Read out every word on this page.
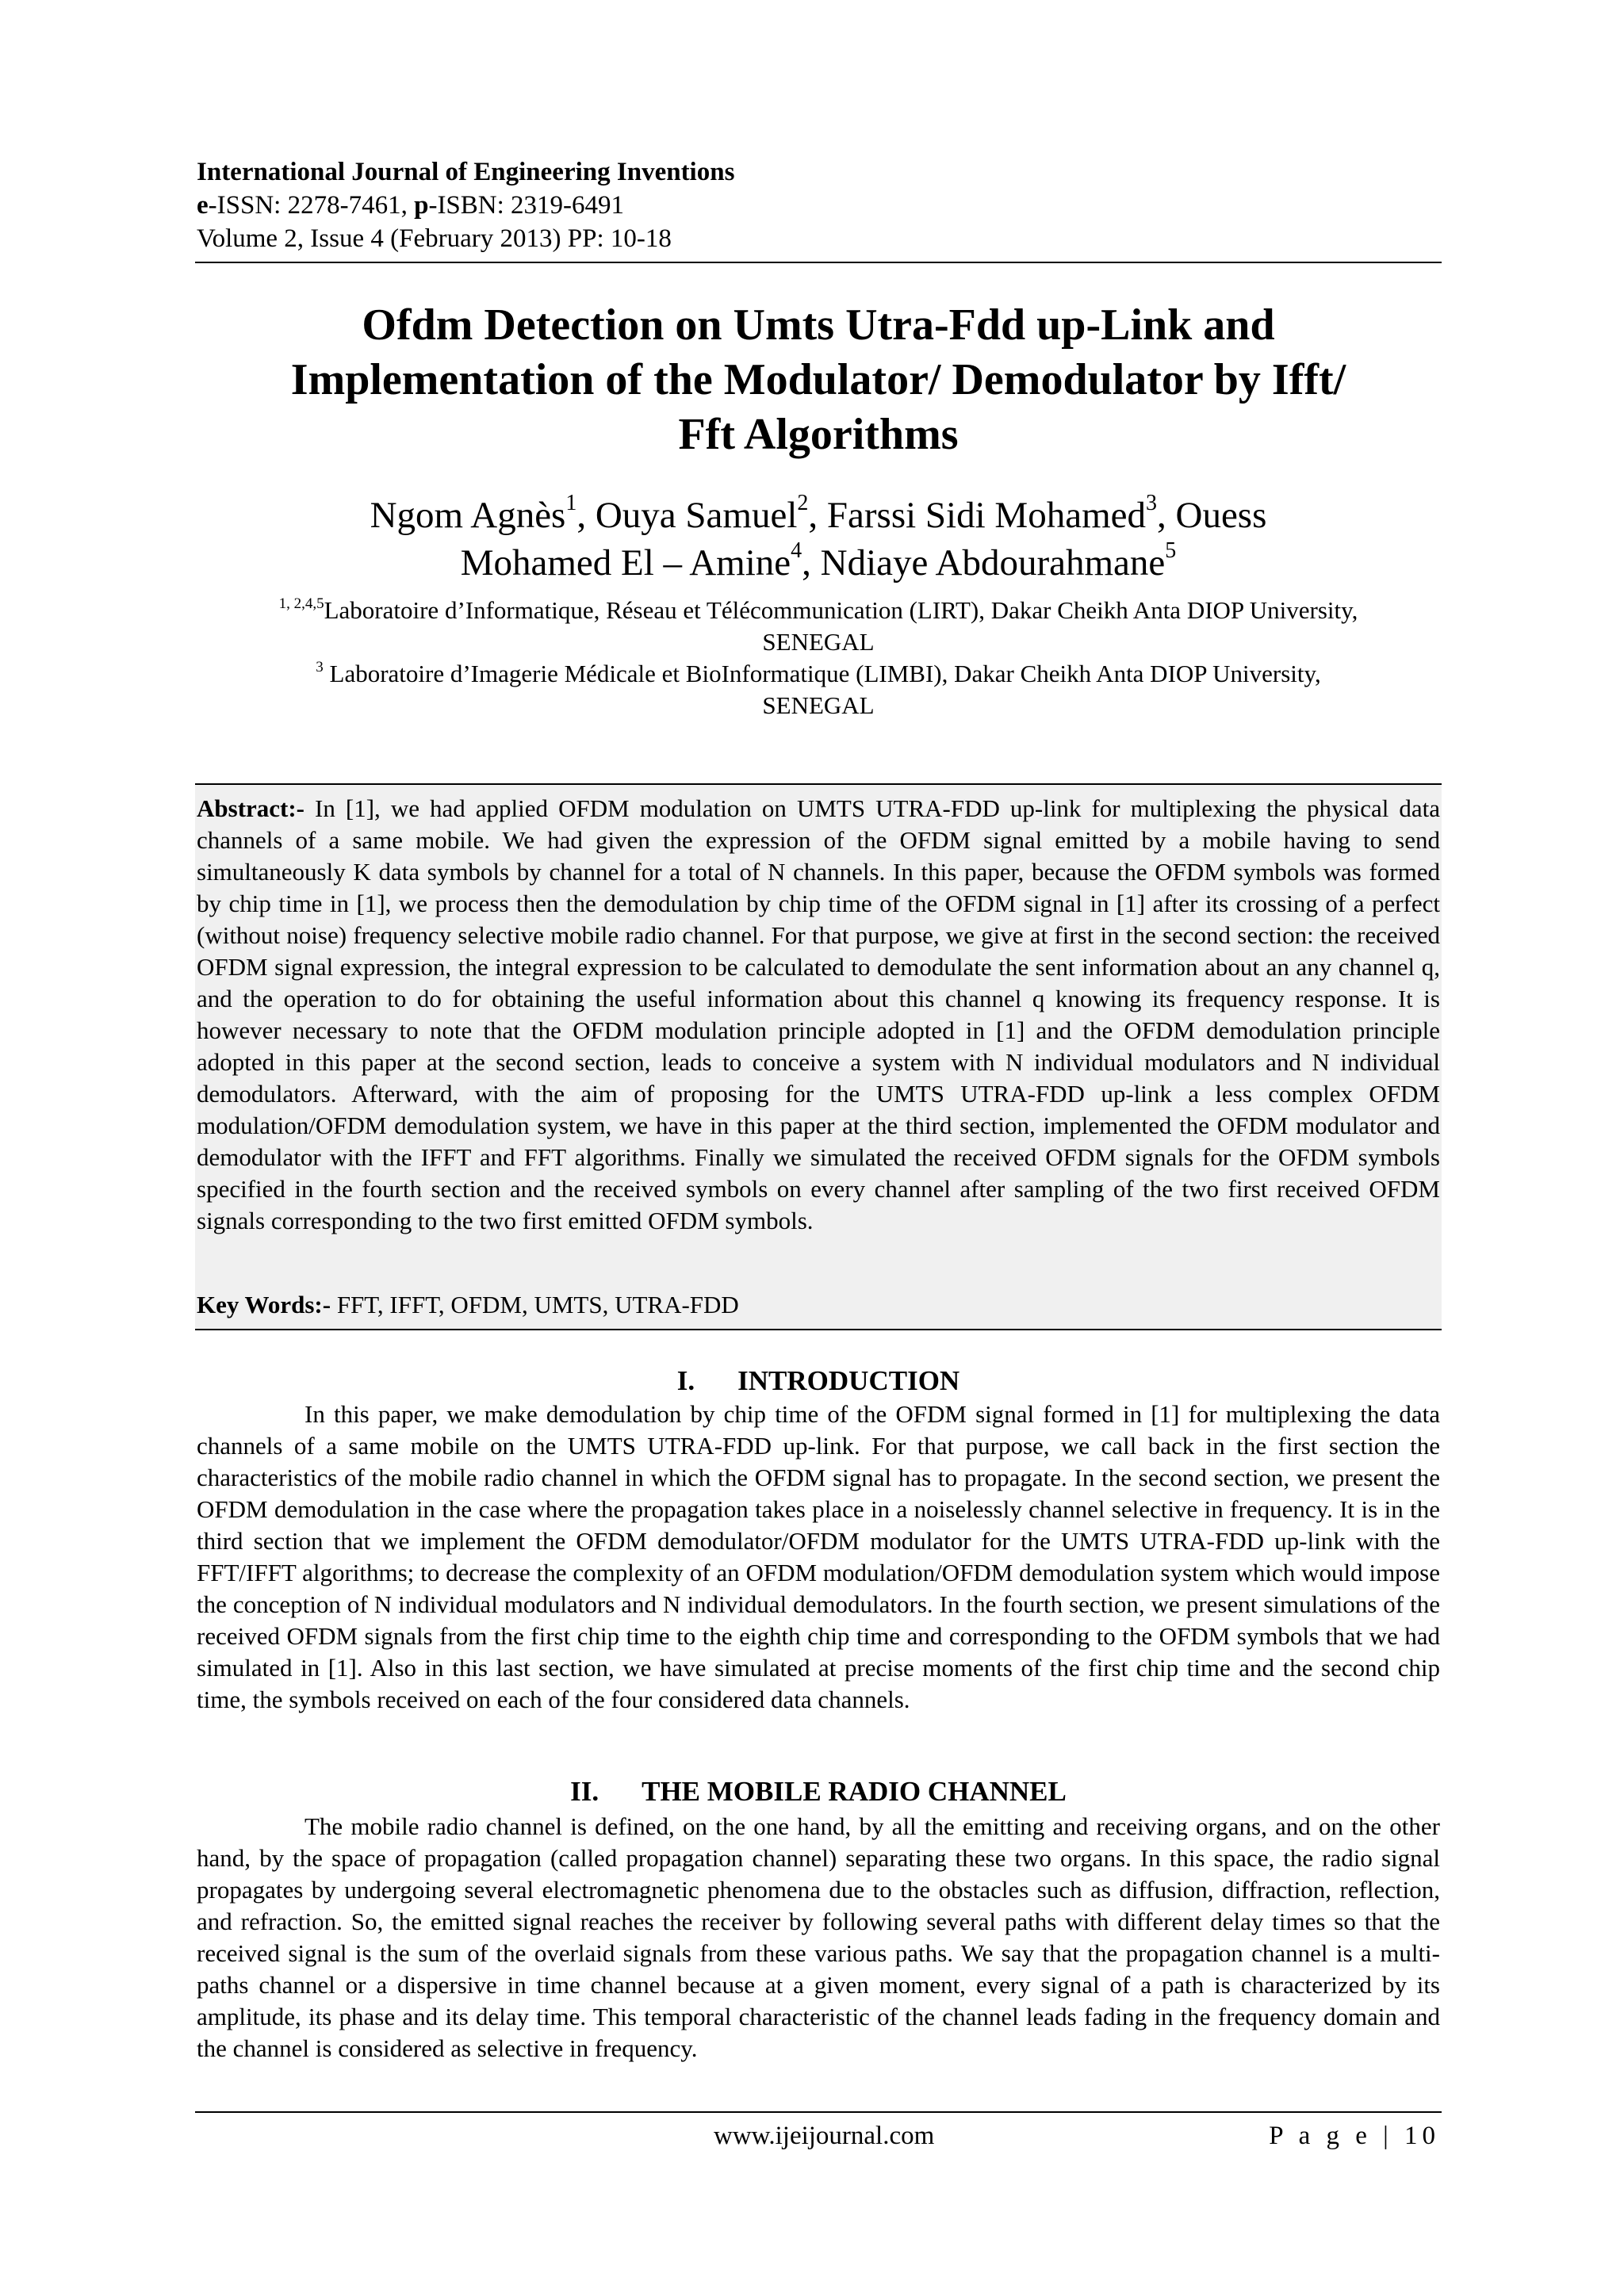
International Journal of Engineering Inventions
e-ISSN: 2278-7461, p-ISBN: 2319-6491
Volume 2, Issue 4 (February 2013) PP: 10-18
Ofdm Detection on Umts Utra-Fdd up-Link and
Implementation of the Modulator/ Demodulator by Ifft/
Fft Algorithms
Ngom Agnès$^1$, Ouya Samuel$^2$, Farssi Sidi Mohamed$^3$, Ouess
Mohamed El – Amine$^4$, Ndiaye Abdourahmane$^5$
$^{1, 2,4,5}$Laboratoire d’Informatique, Réseau et Télécommunication (LIRT), Dakar Cheikh Anta DIOP University,
SENEGAL
$^3$ Laboratoire d’Imagerie Médicale et BioInformatique (LIMBI), Dakar Cheikh Anta DIOP University,
SENEGAL
Abstract:- In [1], we had applied OFDM modulation on UMTS UTRA-FDD up-link for multiplexing the physical data channels of a same mobile. We had given the expression of the OFDM signal emitted by a mobile having to send simultaneously K data symbols by channel for a total of N channels. In this paper, because the OFDM symbols was formed by chip time in [1], we process then the demodulation by chip time of the OFDM signal in [1] after its crossing of a perfect (without noise) frequency selective mobile radio channel. For that purpose, we give at first in the second section: the received OFDM signal expression, the integral expression to be calculated to demodulate the sent information about an any channel q, and the operation to do for obtaining the useful information about this channel q knowing its frequency response. It is however necessary to note that the OFDM modulation principle adopted in [1] and the OFDM demodulation principle adopted in this paper at the second section, leads to conceive a system with N individual modulators and N individual demodulators. Afterward, with the aim of proposing for the UMTS UTRA-FDD up-link a less complex OFDM modulation/OFDM demodulation system, we have in this paper at the third section, implemented the OFDM modulator and demodulator with the IFFT and FFT algorithms. Finally we simulated the received OFDM signals for the OFDM symbols specified in the fourth section and the received symbols on every channel after sampling of the two first received OFDM signals corresponding to the two first emitted OFDM symbols.
Key Words:- FFT, IFFT, OFDM, UMTS, UTRA-FDD
I. INTRODUCTION
In this paper, we make demodulation by chip time of the OFDM signal formed in [1] for multiplexing the data channels of a same mobile on the UMTS UTRA-FDD up-link. For that purpose, we call back in the first section the characteristics of the mobile radio channel in which the OFDM signal has to propagate. In the second section, we present the OFDM demodulation in the case where the propagation takes place in a noiselessly channel selective in frequency. It is in the third section that we implement the OFDM demodulator/OFDM modulator for the UMTS UTRA-FDD up-link with the FFT/IFFT algorithms; to decrease the complexity of an OFDM modulation/OFDM demodulation system which would impose the conception of N individual modulators and N individual demodulators. In the fourth section, we present simulations of the received OFDM signals from the first chip time to the eighth chip time and corresponding to the OFDM symbols that we had simulated in [1]. Also in this last section, we have simulated at precise moments of the first chip time and the second chip time, the symbols received on each of the four considered data channels.
II. THE MOBILE RADIO CHANNEL
The mobile radio channel is defined, on the one hand, by all the emitting and receiving organs, and on the other hand, by the space of propagation (called propagation channel) separating these two organs. In this space, the radio signal propagates by undergoing several electromagnetic phenomena due to the obstacles such as diffusion, diffraction, reflection, and refraction. So, the emitted signal reaches the receiver by following several paths with different delay times so that the received signal is the sum of the overlaid signals from these various paths. We say that the propagation channel is a multi-paths channel or a dispersive in time channel because at a given moment, every signal of a path is characterized by its amplitude, its phase and its delay time. This temporal characteristic of the channel leads fading in the frequency domain and the channel is considered as selective in frequency.
www.ijeijournal.com	P a g e | 10
